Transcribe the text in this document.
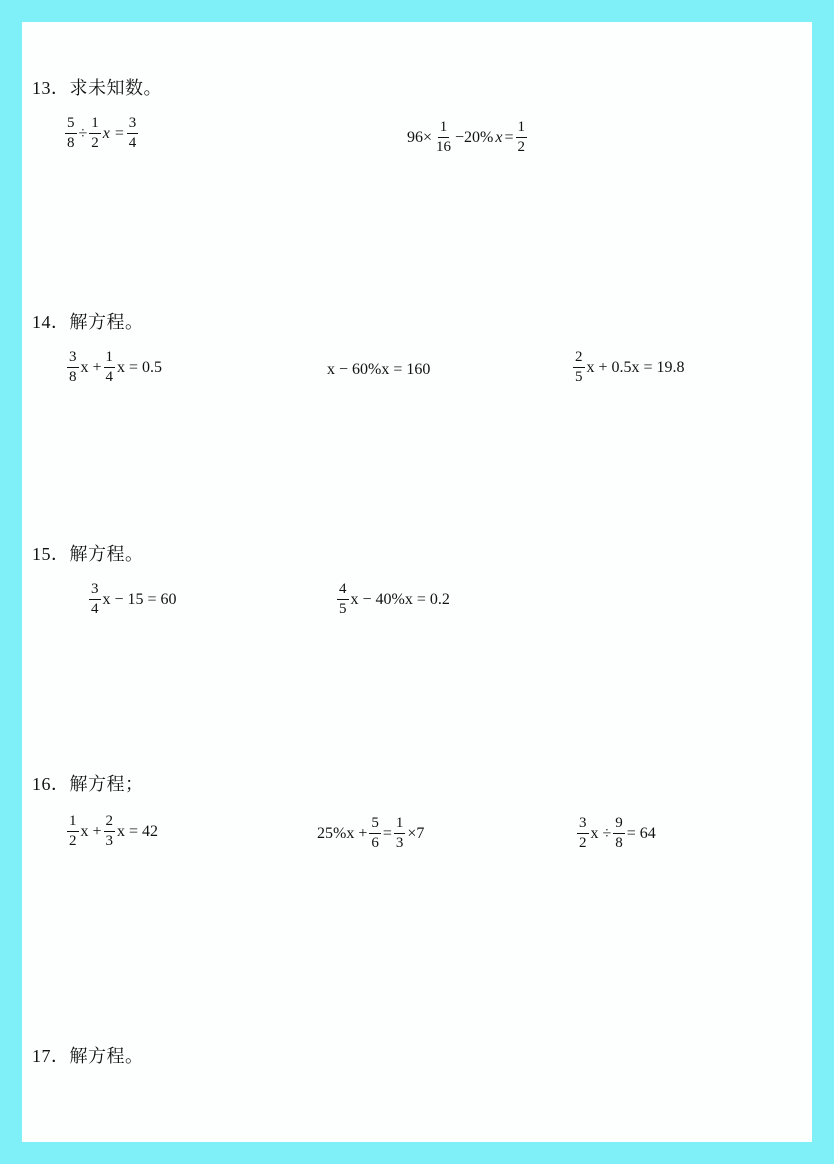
13．求未知数。
$\frac{5}{8} \div \frac{1}{2}$ $x = \frac{3}{4}$	$96\times \frac{1}{16} -20\%$ $x = \frac{1}{2}$
14．解方程。
$\frac{3}{8}$ $x + \frac{1}{4}$ x = 0.5	x − 60%x = 160	$\frac{2}{5}$ x + 0.5x = 19.8
15．解方程。
$\frac{3}{4}$ x − 15 = 60	$\frac{4}{5}$ x − 40%x = 0.2
16．解方程；
$\frac{1}{2}$ $x + \frac{2}{3}$ x = 42	$25\%x + \frac{5}{6} = \frac{1}{3} \times 7$	$\frac{3}{2}$ $x \div \frac{9}{8} = 64$
17．解方程。
